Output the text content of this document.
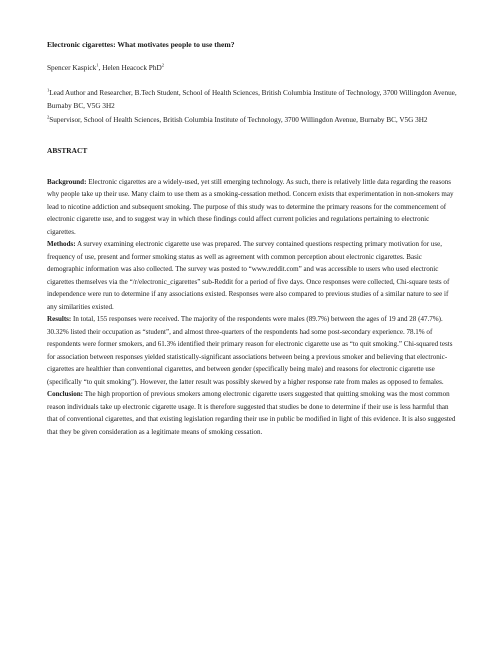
Electronic cigarettes: What motivates people to use them?

Spencer Kaspick$^1$, Helen Heacock PhD$^2$

$^1$Lead Author and Researcher, B.Tech Student, School of Health Sciences, British Columbia Institute of Technology, 3700 Willingdon Avenue, Burnaby BC, V5G 3H2

$^2$Supervisor, School of Health Sciences, British Columbia Institute of Technology, 3700 Willingdon Avenue, Burnaby BC, V5G 3H2

ABSTRACT

Background: Electronic cigarettes are a widely-used, yet still emerging technology. As such, there is relatively little data regarding the reasons why people take up their use. Many claim to use them as a smoking-cessation method. Concern exists that experimentation in non-smokers may lead to nicotine addiction and subsequent smoking. The purpose of this study was to determine the primary reasons for the commencement of electronic cigarette use, and to suggest way in which these findings could affect current policies and regulations pertaining to electronic cigarettes.

Methods: A survey examining electronic cigarette use was prepared. The survey contained questions respecting primary motivation for use, frequency of use, present and former smoking status as well as agreement with common perception about electronic cigarettes. Basic demographic information was also collected. The survey was posted to “www.reddit.com” and was accessible to users who used electronic cigarettes themselves via the “/r/electronic_cigarettes” sub-Reddit for a period of five days. Once responses were collected, Chi-square tests of independence were run to determine if any associations existed. Responses were also compared to previous studies of a similar nature to see if any similarities existed.

Results: In total, 155 responses were received. The majority of the respondents were males (89.7%) between the ages of 19 and 28 (47.7%). 30.32% listed their occupation as “student”, and almost three-quarters of the respondents had some post-secondary experience. 78.1% of respondents were former smokers, and 61.3% identified their primary reason for electronic cigarette use as “to quit smoking.” Chi-squared tests for association between responses yielded statistically-significant associations between being a previous smoker and believing that electronic-cigarettes are healthier than conventional cigarettes, and between gender (specifically being male) and reasons for electronic cigarette use (specifically “to quit smoking”). However, the latter result was possibly skewed by a higher response rate from males as opposed to females.

Conclusion: The high proportion of previous smokers among electronic cigarette users suggested that quitting smoking was the most common reason individuals take up electronic cigarette usage. It is therefore suggested that studies be done to determine if their use is less harmful than that of conventional cigarettes, and that existing legislation regarding their use in public be modified in light of this evidence. It is also suggested that they be given consideration as a legitimate means of smoking cessation.
